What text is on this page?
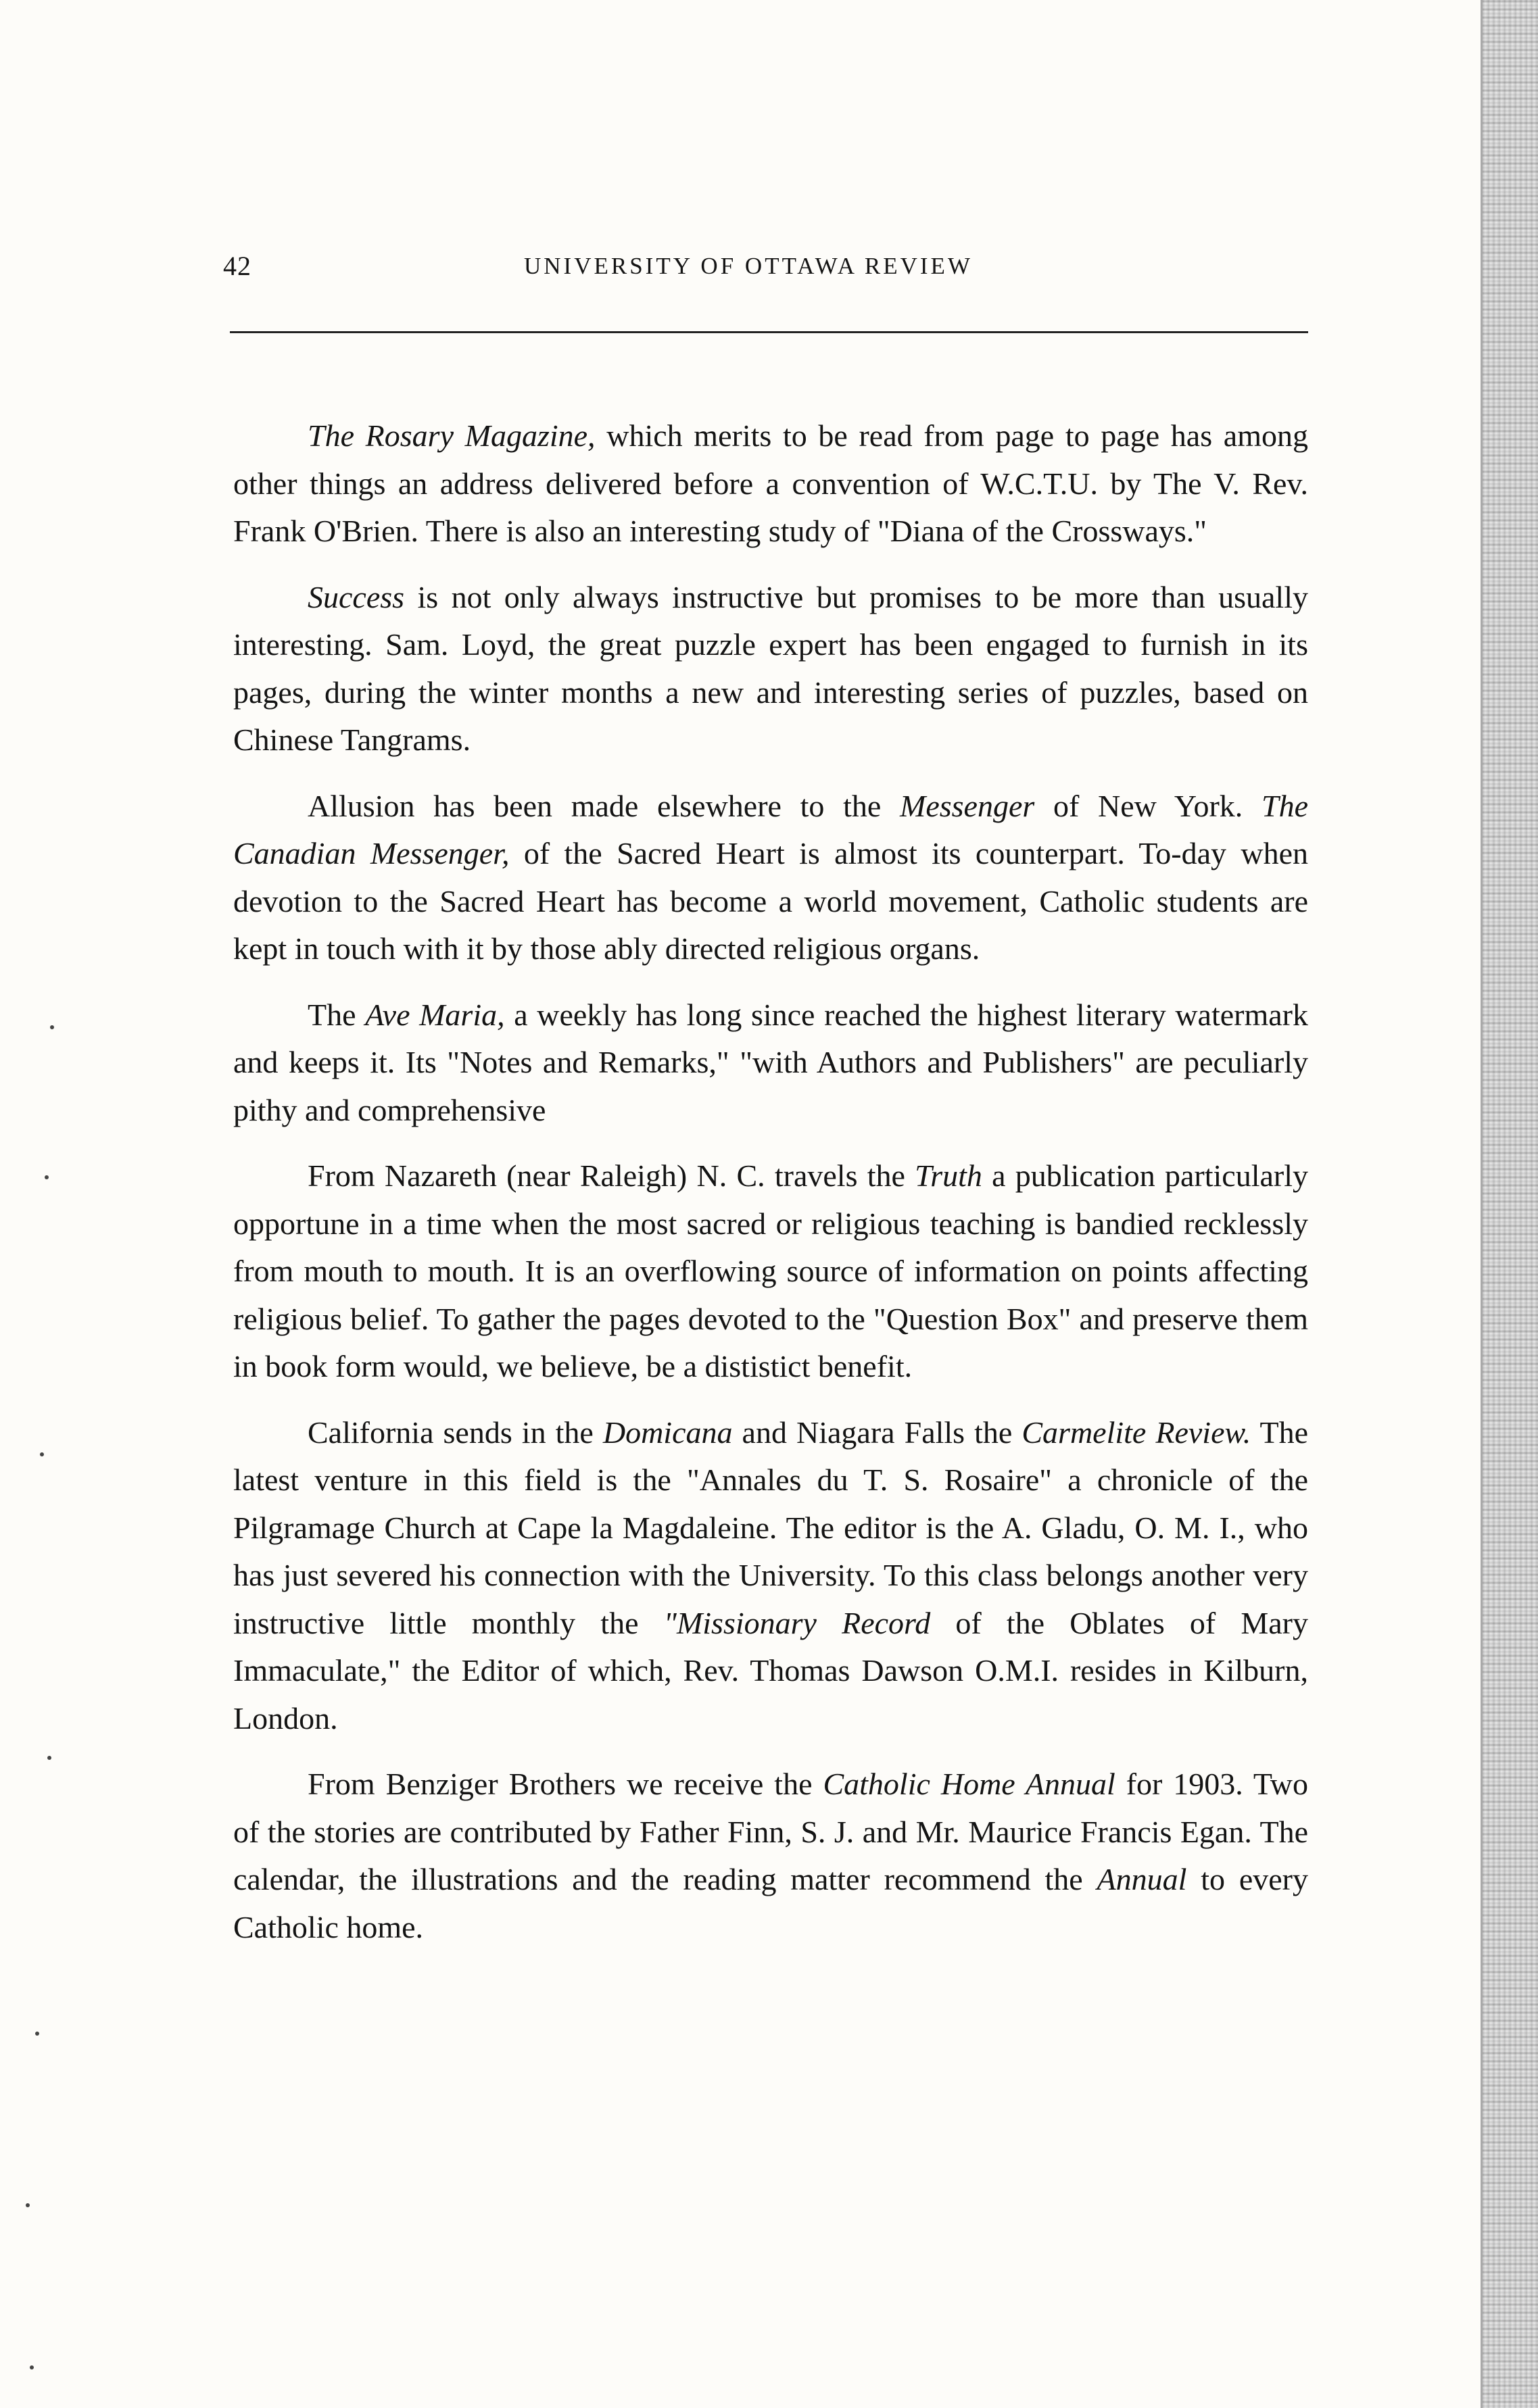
42	UNIVERSITY OF OTTAWA REVIEW

The Rosary Magazine, which merits to be read from page to page has among other things an address delivered before a convention of W.C.T.U. by The V. Rev. Frank O'Brien. There is also an interesting study of "Diana of the Crossways."

Success is not only always instructive but promises to be more than usually interesting. Sam. Loyd, the great puzzle expert has been engaged to furnish in its pages, during the winter months a new and interesting series of puzzles, based on Chinese Tangrams.

Allusion has been made elsewhere to the Messenger of New York. The Canadian Messenger, of the Sacred Heart is almost its counterpart. To-day when devotion to the Sacred Heart has become a world movement, Catholic students are kept in touch with it by those ably directed religious organs.

The Ave Maria, a weekly has long since reached the highest literary watermark and keeps it. Its "Notes and Remarks," "with Authors and Publishers" are peculiarly pithy and comprehensive

From Nazareth (near Raleigh) N. C. travels the Truth a publication particularly opportune in a time when the most sacred or religious teaching is bandied recklessly from mouth to mouth. It is an overflowing source of information on points affecting religious belief. To gather the pages devoted to the "Question Box" and preserve them in book form would, we believe, be a dististict benefit.

California sends in the Domicana and Niagara Falls the Carmelite Review. The latest venture in this field is the "Annales du T. S. Rosaire" a chronicle of the Pilgramage Church at Cape la Magdaleine. The editor is the A. Gladu, O. M. I., who has just severed his connection with the University. To this class belongs another very instructive little monthly the "Missionary Record of the Oblates of Mary Immaculate," the Editor of which, Rev. Thomas Dawson O.M.I. resides in Kilburn, London.

From Benziger Brothers we receive the Catholic Home Annual for 1903. Two of the stories are contributed by Father Finn, S. J. and Mr. Maurice Francis Egan. The calendar, the illustrations and the reading matter recommend the Annual to every Catholic home.
